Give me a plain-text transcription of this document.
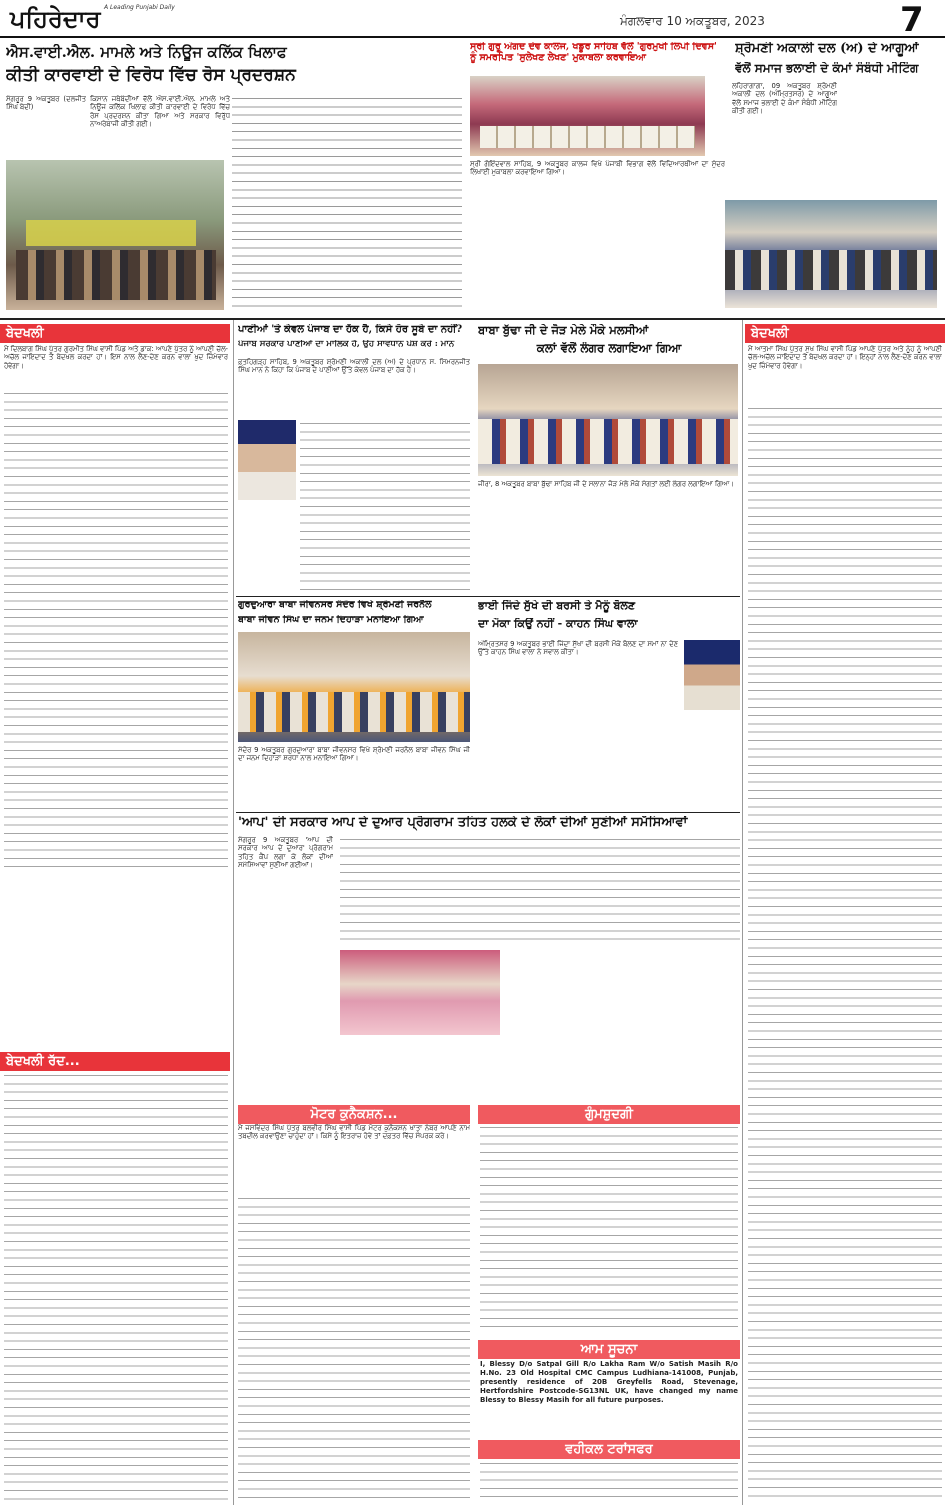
ਪਹਿਰੇਦਾਰ A Leading Punjabi Daily
ਮੰਗਲਵਾਰ 10 ਅਕਤੂਬਰ, 2023	7
ਐਸ.ਵਾਈ.ਐਲ. ਮਾਮਲੇ ਅਤੇ ਨਿਊਜ ਕਲਿੱਕ ਖਿਲਾਫ
ਕੀਤੀ ਕਾਰਵਾਈ ਦੇ ਵਿਰੋਧ ਵਿੱਚ ਰੋਸ ਪ੍ਰਦਰਸ਼ਨ
ਸੰਗਰੂਰ 9 ਅਕਤੂਬਰ (ਦਲਜੀਤ ਸਿੰਘ ਬੇਦੀ)
ਕਿਸਾਨ ਜਥੇਬੰਦੀਆਂ ਵੱਲੋਂ ਐਸ.ਵਾਈ.ਐਲ. ਮਾਮਲੇ ਅਤੇ ਨਿਊਜ ਕਲਿੱਕ ਖਿਲਾਫ ਕੀਤੀ ਕਾਰਵਾਈ ਦੇ ਵਿਰੋਧ ਵਿੱਚ ਰੋਸ ਪ੍ਰਦਰਸ਼ਨ ਕੀਤਾ ਗਿਆ ਅਤੇ ਸਰਕਾਰ ਵਿਰੁੱਧ ਨਾਅਰੇਬਾਜੀ ਕੀਤੀ ਗਈ।
ਸ੍ਰੀ ਗੁਰੂ ਅੰਗਦ ਦੇਵ ਕਾਲਜ, ਖਡੂਰ ਸਾਹਿਬ ਵੱਲੋਂ 'ਗੁਰਮੁਖੀ ਲਿਪੀ ਦਿਵਸ' ਨੂੰ ਸਮਰਪਿਤ 'ਸੁਲੇਖਣ ਲੇਖਣ' ਮੁਕਾਬਲਾ ਕਰਵਾਇਆ
ਸ੍ਰੀ ਗੋਇੰਦਵਾਲ ਸਾਹਿਬ, 9 ਅਕਤੂਬਰ ਕਾਲਜ ਵਿਖੇ ਪੰਜਾਬੀ ਵਿਭਾਗ ਵੱਲੋਂ ਵਿਦਿਆਰਥੀਆਂ ਦਾ ਸੁੰਦਰ ਲਿਖਾਈ ਮੁਕਾਬਲਾ ਕਰਵਾਇਆ ਗਿਆ।
ਸ਼੍ਰੋਮਣੀ ਅਕਾਲੀ ਦਲ (ਅ) ਦੇ ਆਗੂਆਂ
ਵੱਲੋਂ ਸਮਾਜ ਭਲਾਈ ਦੇ ਕੰਮਾਂ ਸੰਬੰਧੀ ਮੀਟਿੰਗ
ਲਹਿਰਾਗਾਗਾ, 09 ਅਕਤੂਬਰ ਸ਼੍ਰੋਮਣੀ ਅਕਾਲੀ ਦਲ (ਅੰਮ੍ਰਿਤਸਰ) ਦੇ ਆਗੂਆਂ ਵੱਲੋਂ ਸਮਾਜ ਭਲਾਈ ਦੇ ਕੰਮਾਂ ਸੰਬੰਧੀ ਮੀਟਿੰਗ ਕੀਤੀ ਗਈ।
ਬੇਦਖਲੀ
ਮੈਂ ਦਿਲਬਾਗ ਸਿੰਘ ਪੁੱਤਰ ਗੁਰਮੀਤ ਸਿੰਘ ਵਾਸੀ ਪਿੰਡ ਅਤੇ ਡਾਕ: ਆਪਣੇ ਪੁੱਤਰ ਨੂੰ ਆਪਣੀ ਚੱਲ-ਅਚੱਲ ਜਾਇਦਾਦ ਤੋਂ ਬੇਦਖਲ ਕਰਦਾ ਹਾਂ। ਇਸ ਨਾਲ ਲੈਣ-ਦੇਣ ਕਰਨ ਵਾਲਾ ਖੁਦ ਜ਼ਿੰਮੇਵਾਰ ਹੋਵੇਗਾ।
ਬੇਦਖਲੀ ਰੱਦ...
ਪਾਣੀਆਂ 'ਤੇ ਕੇਵਲ ਪੰਜਾਬ ਦਾ ਹੱਕ ਹੈ, ਕਿਸੇ ਹੋਰ ਸੂਬੇ ਦਾ ਨਹੀਂ?
ਪੰਜਾਬ ਸਰਕਾਰ ਪਾਣੀਆਂ ਦਾ ਮਾਲਿਕ ਹੈ, ਉਹ ਸਾਵਧਾਨ ਪੇਸ਼ ਕਰੇ : ਮਾਨ
ਫ਼ਤਹਿਗੜ੍ਹ ਸਾਹਿਬ, 9 ਅਕਤੂਬਰ ਸ਼੍ਰੋਮਣੀ ਅਕਾਲੀ ਦਲ (ਅ) ਦੇ ਪ੍ਰਧਾਨ ਸ. ਸਿਮਰਨਜੀਤ ਸਿੰਘ ਮਾਨ ਨੇ ਕਿਹਾ ਕਿ ਪੰਜਾਬ ਦੇ ਪਾਣੀਆਂ ਉੱਤੇ ਕੇਵਲ ਪੰਜਾਬ ਦਾ ਹੱਕ ਹੈ।
ਬਾਬਾ ਬੁੱਢਾ ਜੀ ਦੇ ਜੋੜ ਮੇਲੇ ਮੌਕੇ ਮਲਸੀਆਂ
ਕਲਾਂ ਵੱਲੋਂ ਲੰਗਰ ਲਗਾਇਆ ਗਿਆ
ਜੀਰਾ, 8 ਅਕਤੂਬਰ ਬਾਬਾ ਬੁੱਢਾ ਸਾਹਿਬ ਜੀ ਦੇ ਸਲਾਨਾ ਜੋੜ ਮੇਲੇ ਮੌਕੇ ਸੰਗਤਾਂ ਲਈ ਲੰਗਰ ਲਗਾਇਆ ਗਿਆ।
ਬੇਦਖਲੀ
ਮੈਂ ਆਤਮਾ ਸਿੰਘ ਪੁੱਤਰ ਸੁਖ ਸਿੰਘ ਵਾਸੀ ਪਿੰਡ ਆਪਣੇ ਪੁੱਤਰ ਅਤੇ ਨੂੰਹ ਨੂੰ ਆਪਣੀ ਚੱਲ-ਅਚੱਲ ਜਾਇਦਾਦ ਤੋਂ ਬੇਦਖਲ ਕਰਦਾ ਹਾਂ। ਇਨ੍ਹਾਂ ਨਾਲ ਲੈਣ-ਦੇਣ ਕਰਨ ਵਾਲਾ ਖੁਦ ਜ਼ਿੰਮੇਵਾਰ ਹੋਵੇਗਾ।
ਗੁਰਦੁਆਰਾ ਬਾਬਾ ਜੀਵਨਸਰ ਸੰਦੋਰ ਵਿਖੇ ਸ਼੍ਰੋਮਣੀ ਜਰਨੈਲ
ਬਾਬਾ ਜੀਵਨ ਸਿੰਘ ਦਾ ਜਨਮ ਦਿਹਾੜਾ ਮਨਾਇਆ ਗਿਆ
ਸੰਦੋਰ 9 ਅਕਤੂਬਰ ਗੁਰਦੁਆਰਾ ਬਾਬਾ ਜੀਵਨਸਰ ਵਿਖੇ ਸ਼੍ਰੋਮਣੀ ਜਰਨੈਲ ਬਾਬਾ ਜੀਵਨ ਸਿੰਘ ਜੀ ਦਾ ਜਨਮ ਦਿਹਾੜਾ ਸ਼ਰਧਾ ਨਾਲ ਮਨਾਇਆ ਗਿਆ।
ਭਾਈ ਜਿੰਦੇ ਸੁੱਖੇ ਦੀ ਬਰਸੀ ਤੇ ਮੈਨੂੰ ਬੋਲਣ
ਦਾ ਮੌਕਾ ਕਿਉਂ ਨਹੀਂ - ਕਾਹਨ ਸਿੰਘ ਵਾਲਾ
ਅੰਮ੍ਰਿਤਸਰ 9 ਅਕਤੂਬਰ ਭਾਈ ਜਿੰਦਾ ਸੁੱਖਾ ਦੀ ਬਰਸੀ ਮੌਕੇ ਬੋਲਣ ਦਾ ਸਮਾਂ ਨਾ ਦੇਣ ਉੱਤੇ ਕਾਹਨ ਸਿੰਘ ਵਾਲਾ ਨੇ ਸਵਾਲ ਕੀਤਾ।
'ਆਪ' ਦੀ ਸਰਕਾਰ ਆਪ ਦੇ ਦੁਆਰ ਪ੍ਰੋਗਰਾਮ ਤਹਿਤ ਹਲਕੇ ਦੇ ਲੋਕਾਂ ਦੀਆਂ ਸੁਣੀਆਂ ਸਮੱਸਿਆਵਾਂ
ਸੰਗਰੂਰ 9 ਅਕਤੂਬਰ 'ਆਪ ਦੀ ਸਰਕਾਰ ਆਪ ਦੇ ਦੁਆਰ' ਪ੍ਰੋਗਰਾਮ ਤਹਿਤ ਕੈਂਪ ਲਗਾ ਕੇ ਲੋਕਾਂ ਦੀਆਂ ਸਮੱਸਿਆਵਾਂ ਸੁਣੀਆਂ ਗਈਆਂ।
ਮੋਟਰ ਕੁਨੈਕਸ਼ਨ...
ਮੈਂ ਜਸਵਿੰਦਰ ਸਿੰਘ ਪੁੱਤਰ ਬਲਵੀਰ ਸਿੰਘ ਵਾਸੀ ਪਿੰਡ ਮੋਟਰ ਕੁਨੈਕਸ਼ਨ ਖਾਤਾ ਨੰਬਰ ਆਪਣੇ ਨਾਮ ਤਬਦੀਲ ਕਰਵਾਉਣਾ ਚਾਹੁੰਦਾ ਹਾਂ। ਕਿਸੇ ਨੂੰ ਇਤਰਾਜ਼ ਹੋਵੇ ਤਾਂ ਦਫ਼ਤਰ ਵਿੱਚ ਸੰਪਰਕ ਕਰੇ।
ਗੁੰਮਸ਼ੁਦਗੀ
ਆਮ ਸੂਚਨਾ
I, Blessy D/o Satpal Gill R/o Lakha Ram W/o Satish Masih R/o H.No. 23 Old Hospital CMC Campus Ludhiana-141008, Punjab, presently residence of 20B Greyfells Road, Stevenage, Hertfordshire Postcode-SG13NL UK, have changed my name Blessy to Blessy Masih for all future purposes.
ਵਹੀਕਲ ਟਰਾਂਸਫਰ
